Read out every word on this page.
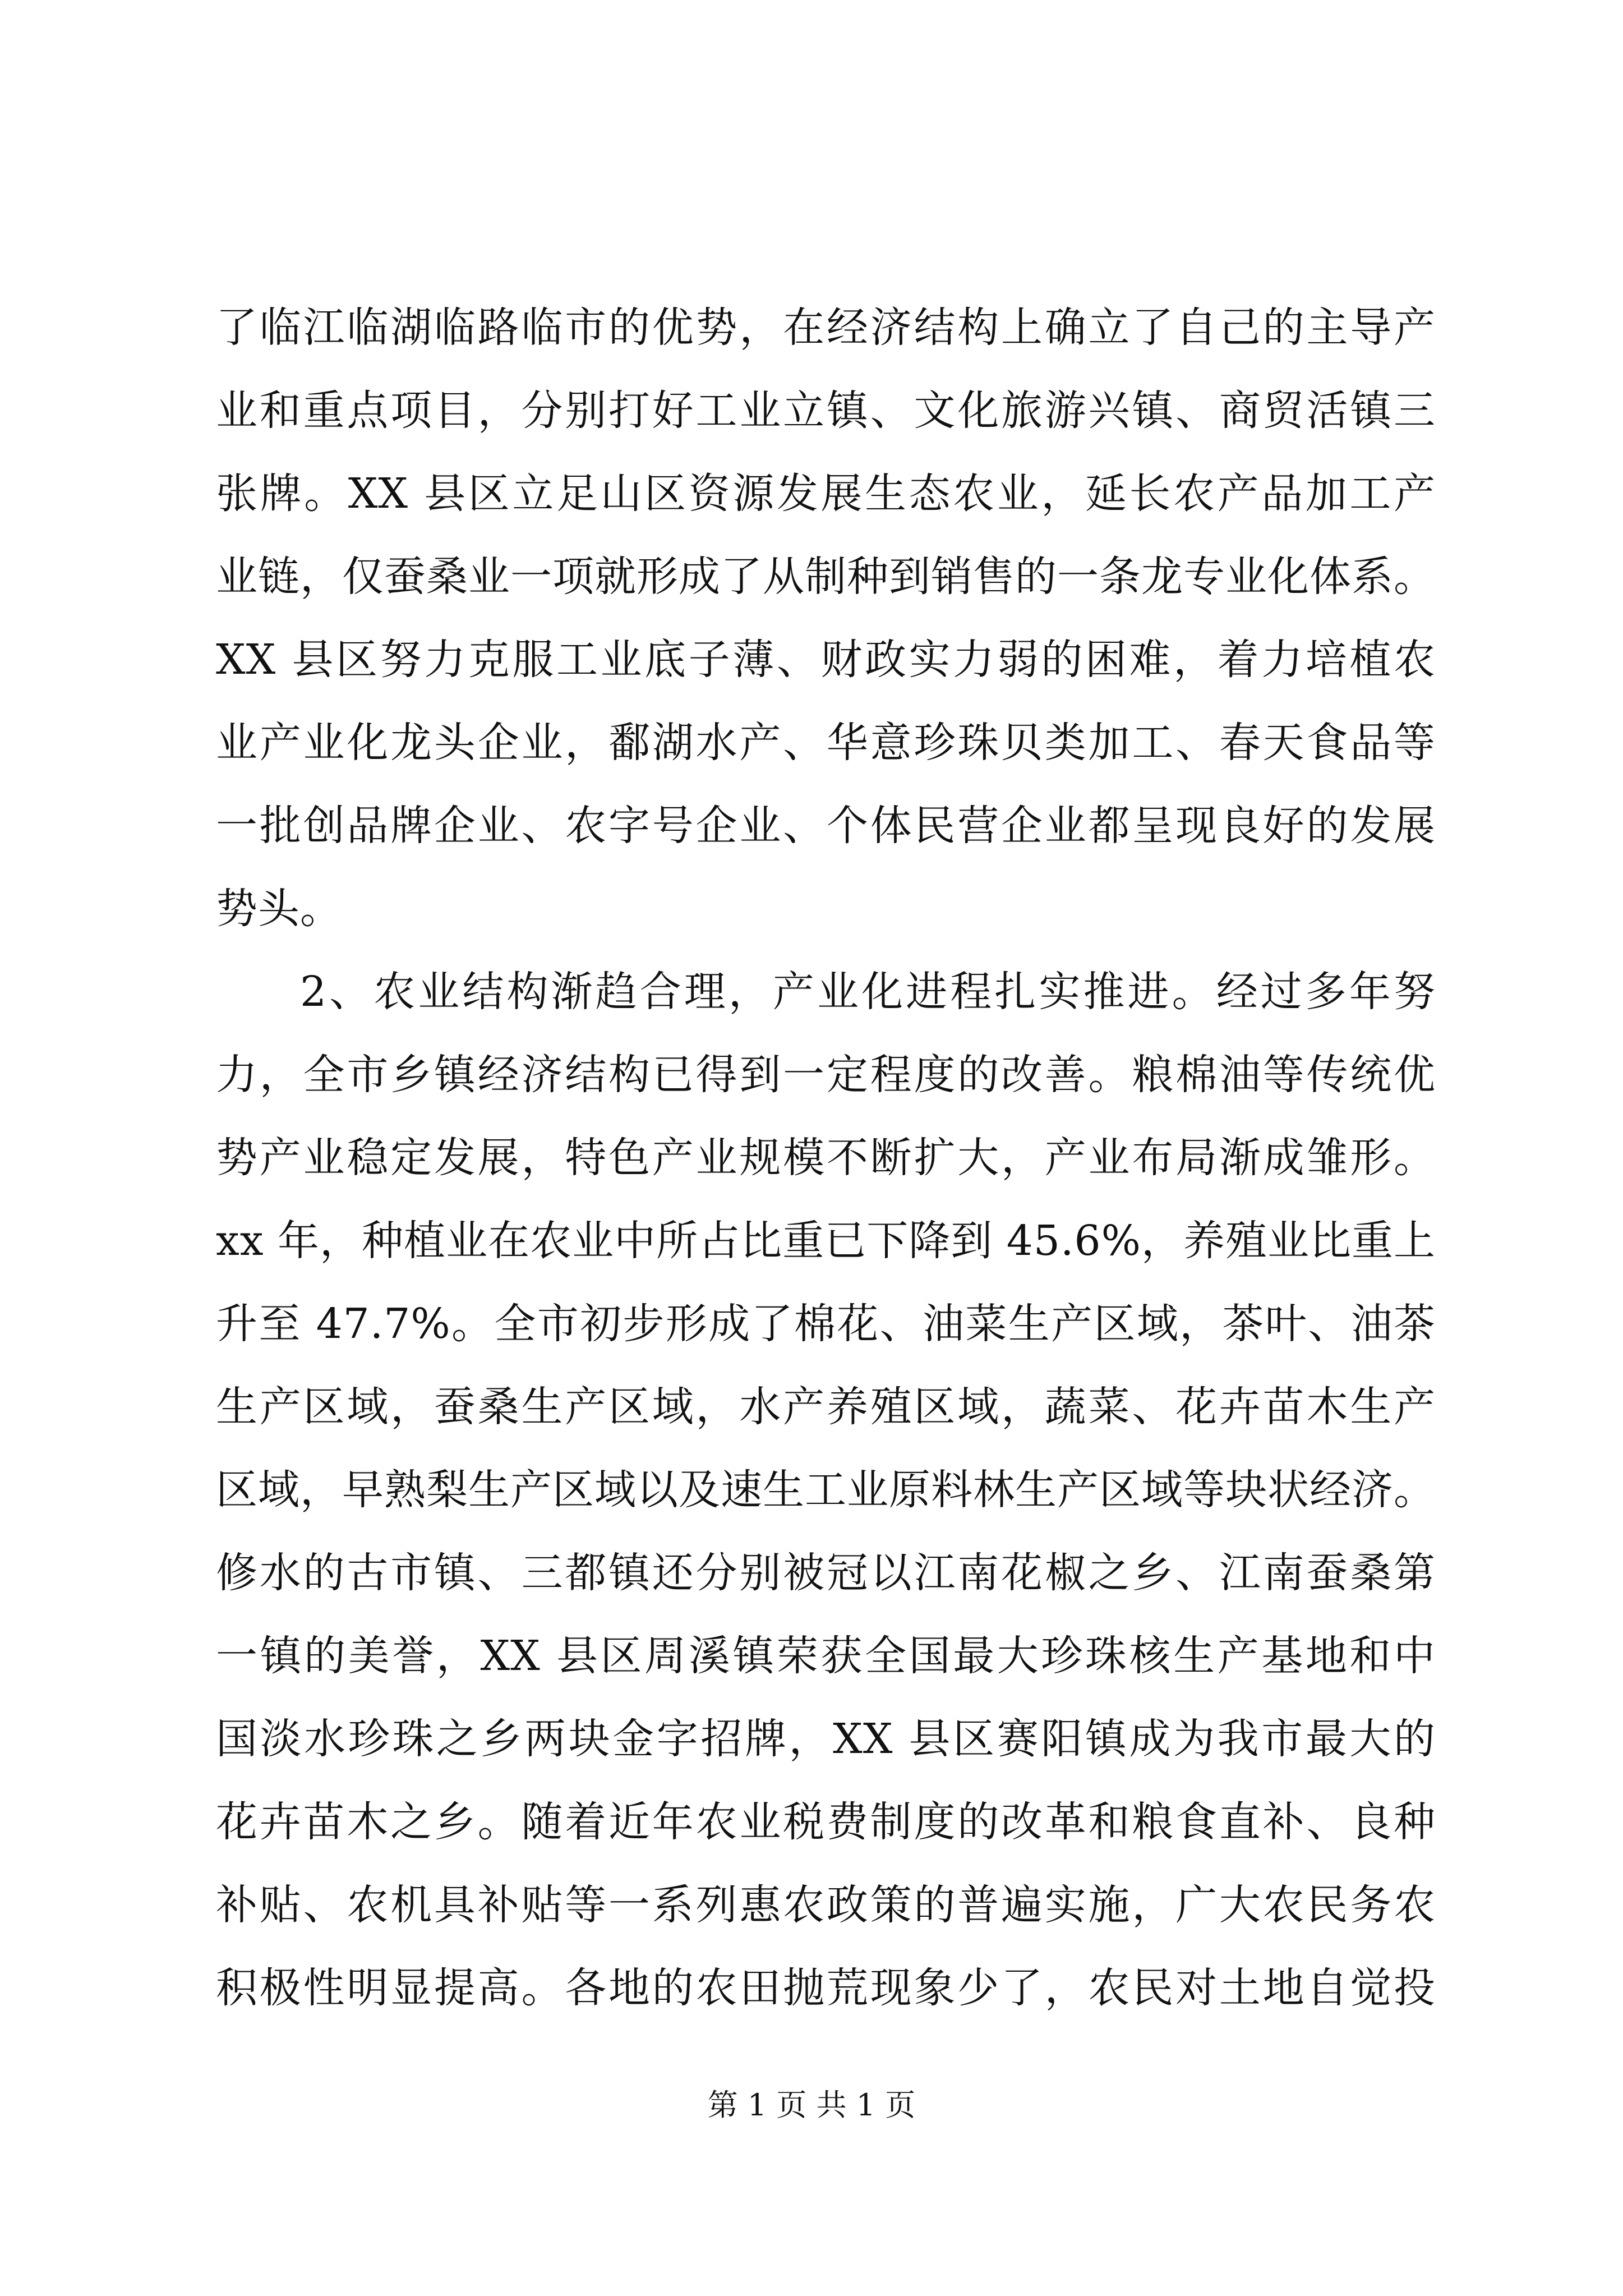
了临江临湖临路临市的优势，在经济结构上确立了自己的主导产
业和重点项目，分别打好工业立镇、文化旅游兴镇、商贸活镇三
张牌。XX 县区立足山区资源发展生态农业，延长农产品加工产
业链，仅蚕桑业一项就形成了从制种到销售的一条龙专业化体系。
XX 县区努力克服工业底子薄、财政实力弱的困难，着力培植农
业产业化龙头企业，鄱湖水产、华意珍珠贝类加工、春天食品等
一批创品牌企业、农字号企业、个体民营企业都呈现良好的发展
势头。
2、农业结构渐趋合理，产业化进程扎实推进。经过多年努
力，全市乡镇经济结构已得到一定程度的改善。粮棉油等传统优
势产业稳定发展，特色产业规模不断扩大，产业布局渐成雏形。
xx 年，种植业在农业中所占比重已下降到 45.6%，养殖业比重上
升至 47.7%。全市初步形成了棉花、油菜生产区域，茶叶、油茶
生产区域，蚕桑生产区域，水产养殖区域，蔬菜、花卉苗木生产
区域，早熟梨生产区域以及速生工业原料林生产区域等块状经济。
修水的古市镇、三都镇还分别被冠以江南花椒之乡、江南蚕桑第
一镇的美誉，XX 县区周溪镇荣获全国最大珍珠核生产基地和中
国淡水珍珠之乡两块金字招牌，XX 县区赛阳镇成为我市最大的
花卉苗木之乡。随着近年农业税费制度的改革和粮食直补、良种
补贴、农机具补贴等一系列惠农政策的普遍实施，广大农民务农
积极性明显提高。各地的农田抛荒现象少了，农民对土地自觉投
第 1 页 共 1 页
